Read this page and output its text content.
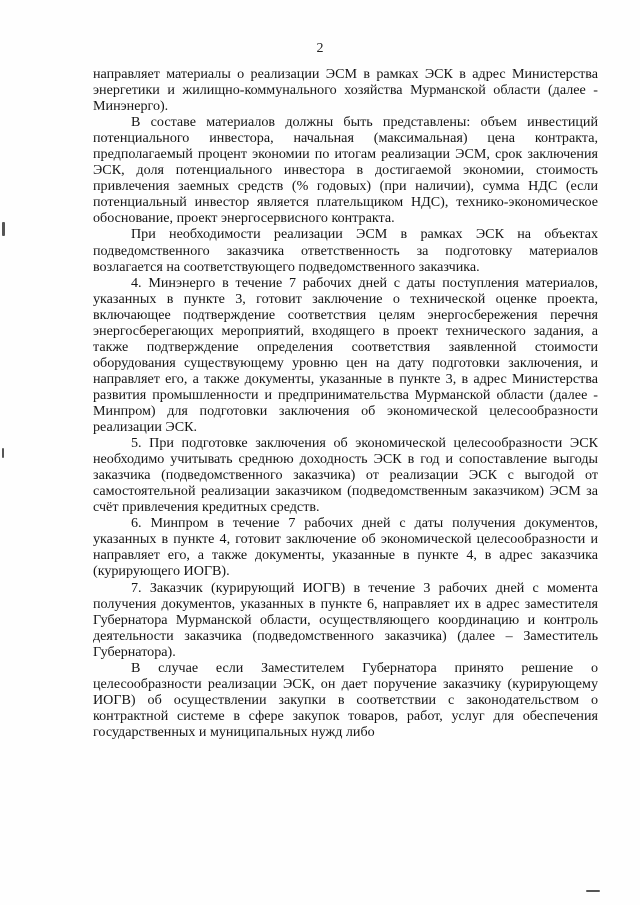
2

направляет материалы о реализации ЭСМ в рамках ЭСК в адрес Министерства энергетики и жилищно-коммунального хозяйства Мурманской области (далее - Минэнерго).

В составе материалов должны быть представлены: объем инвестиций потенциального инвестора, начальная (максимальная) цена контракта, предполагаемый процент экономии по итогам реализации ЭСМ, срок заключения ЭСК, доля потенциального инвестора в достигаемой экономии, стоимость привлечения заемных средств (% годовых) (при наличии), сумма НДС (если потенциальный инвестор является плательщиком НДС), технико-экономическое обоснование, проект энергосервисного контракта.

При необходимости реализации ЭСМ в рамках ЭСК на объектах подведомственного заказчика ответственность за подготовку материалов возлагается на соответствующего подведомственного заказчика.

4. Минэнерго в течение 7 рабочих дней с даты поступления материалов, указанных в пункте 3, готовит заключение о технической оценке проекта, включающее подтверждение соответствия целям энергосбережения перечня энергосберегающих мероприятий, входящего в проект технического задания, а также подтверждение определения соответствия заявленной стоимости оборудования существующему уровню цен на дату подготовки заключения, и направляет его, а также документы, указанные в пункте 3, в адрес Министерства развития промышленности и предпринимательства Мурманской области (далее - Минпром) для подготовки заключения об экономической целесообразности реализации ЭСК.

5. При подготовке заключения об экономической целесообразности ЭСК необходимо учитывать среднюю доходность ЭСК в год и сопоставление выгоды заказчика (подведомственного заказчика) от реализации ЭСК с выгодой от самостоятельной реализации заказчиком (подведомственным заказчиком) ЭСМ за счёт привлечения кредитных средств.

6. Минпром в течение 7 рабочих дней с даты получения документов, указанных в пункте 4, готовит заключение об экономической целесообразности и направляет его, а также документы, указанные в пункте 4, в адрес заказчика (курирующего ИОГВ).

7. Заказчик (курирующий ИОГВ) в течение 3 рабочих дней с момента получения документов, указанных в пункте 6, направляет их в адрес заместителя Губернатора Мурманской области, осуществляющего координацию и контроль деятельности заказчика (подведомственного заказчика) (далее – Заместитель Губернатора).

В случае если Заместителем Губернатора принято решение о целесообразности реализации ЭСК, он дает поручение заказчику (курирующему ИОГВ) об осуществлении закупки в соответствии с законодательством о контрактной системе в сфере закупок товаров, работ, услуг для обеспечения государственных и муниципальных нужд либо
